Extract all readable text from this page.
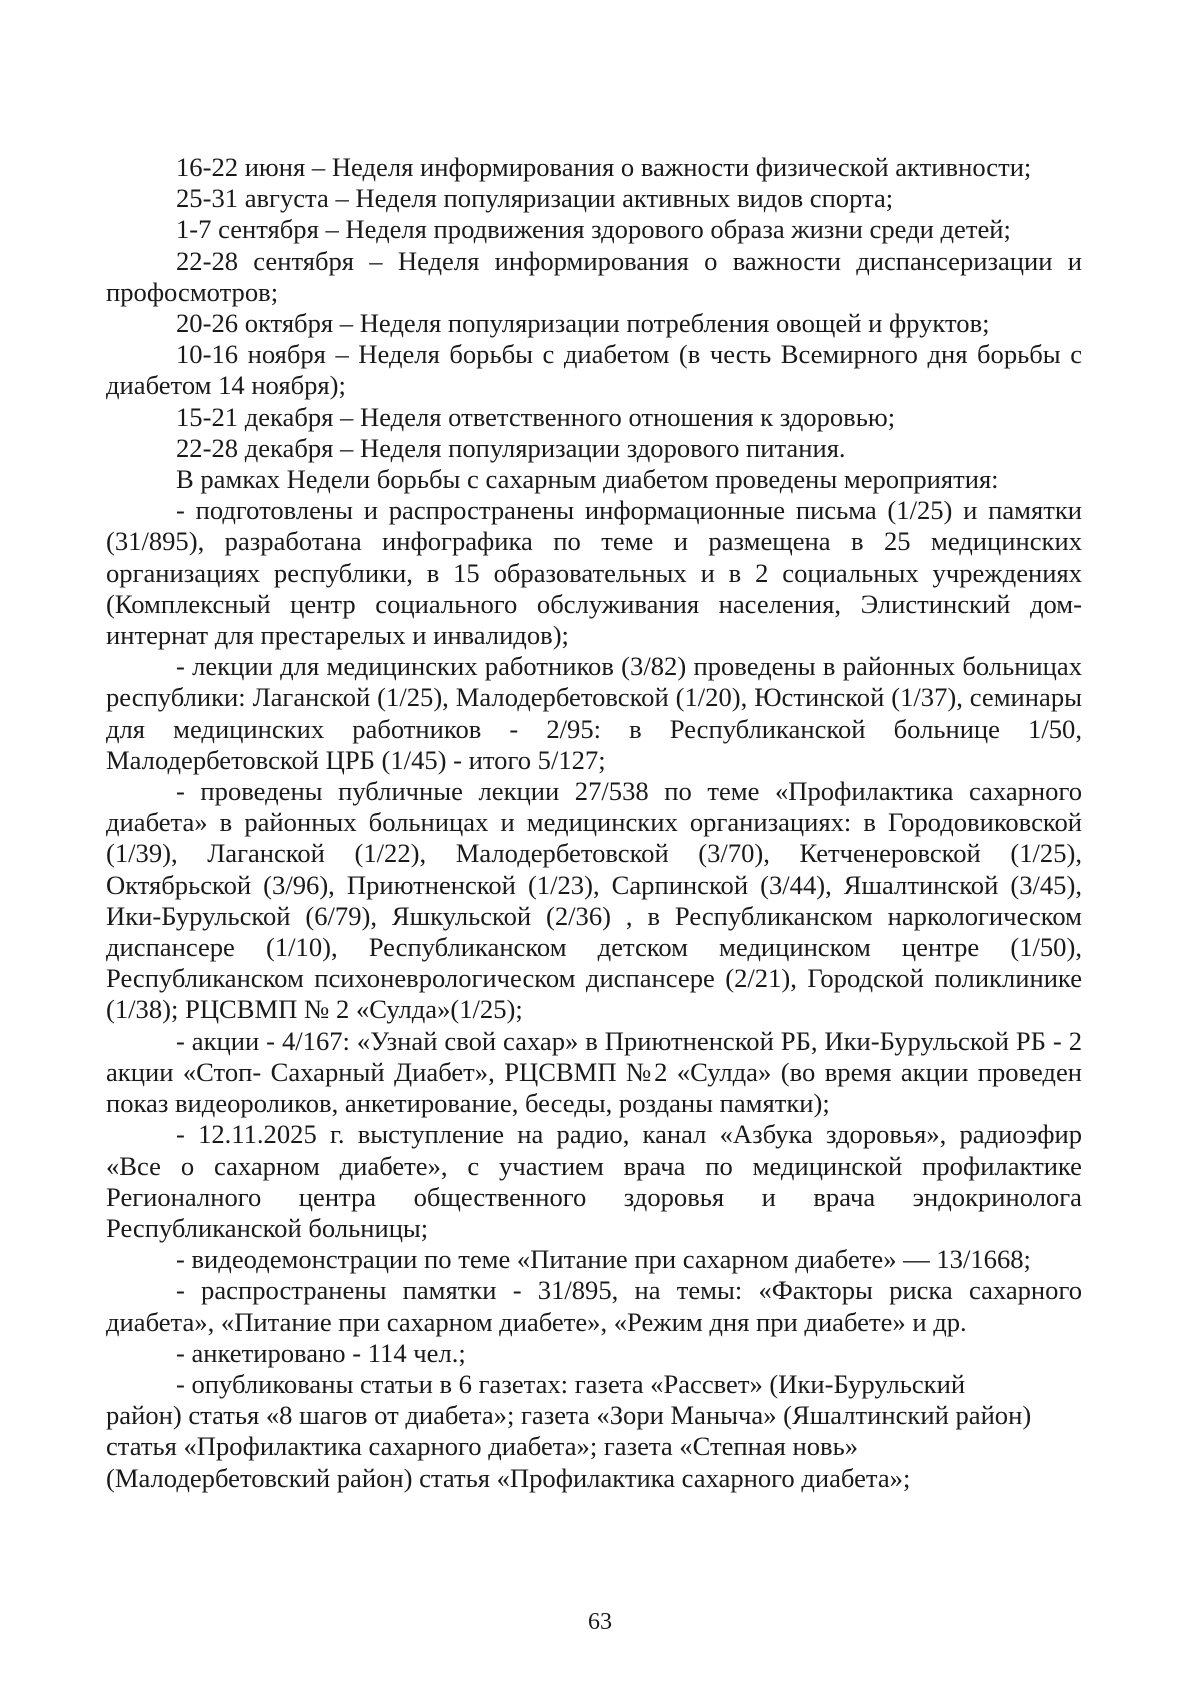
16-22 июня – Неделя информирования о важности физической активности;

25-31 августа – Неделя популяризации активных видов спорта;

1-7 сентября – Неделя продвижения здорового образа жизни среди детей;

22-28 сентября – Неделя информирования о важности диспансеризации и профосмотров;

20-26 октября – Неделя популяризации потребления овощей и фруктов;

10-16 ноября – Неделя борьбы с диабетом (в честь Всемирного дня борьбы с диабетом 14 ноября);

15-21 декабря – Неделя ответственного отношения к здоровью;

22-28 декабря – Неделя популяризации здорового питания.

В рамках Недели борьбы с сахарным диабетом проведены мероприятия:

- подготовлены и распространены информационные письма (1/25) и памятки (31/895), разработана инфографика по теме и размещена в 25 медицинских организациях республики, в 15 образовательных и в 2 социальных учреждениях (Комплексный центр социального обслуживания населения, Элистинский дом- интернат для престарелых и инвалидов);

- лекции для медицинских работников (3/82) проведены в районных больницах республики: Лаганской (1/25), Малодербетовской (1/20), Юстинской (1/37), семинары для медицинских работников - 2/95: в Республиканской больнице 1/50, Малодербетовской ЦРБ (1/45) - итого 5/127;

- проведены публичные лекции 27/538 по теме «Профилактика сахарного диабета» в районных больницах и медицинских организациях: в Городовиковской (1/39), Лаганской (1/22), Малодербетовской (3/70), Кетченеровской (1/25), Октябрьской (3/96), Приютненской (1/23), Сарпинской (3/44), Яшалтинской (3/45), Ики-Бурульской (6/79), Яшкульской (2/36) , в Республиканском наркологическом диспансере (1/10), Республиканском детском медицинском центре (1/50), Республиканском психоневрологическом диспансере (2/21), Городской поликлинике (1/38); РЦСВМП № 2 «Сулда»(1/25);

- акции - 4/167: «Узнай свой сахар» в Приютненской РБ, Ики-Бурульской РБ - 2 акции «Стоп- Сахарный Диабет», РЦСВМП №2 «Сулда» (во время акции проведен показ видеороликов, анкетирование, беседы, розданы памятки);

- 12.11.2025 г. выступление на радио, канал «Азбука здоровья», радиоэфир «Все о сахарном диабете», с участием врача по медицинской профилактике Регионалного центра общественного здоровья и врача эндокринолога Республиканской больницы;

- видеодемонстрации по теме «Питание при сахарном диабете» — 13/1668;

- распространены памятки - 31/895, на темы: «Факторы риска сахарного диабета», «Питание при сахарном диабете», «Режим дня при диабете» и др.

- анкетировано - 114 чел.;

- опубликованы статьи в 6 газетах: газета «Рассвет» (Ики-Бурульский

район) статья «8 шагов от диабета»; газета «Зори Маныча» (Яшалтинский район)

статья «Профилактика сахарного диабета»; газета «Степная новь»

(Малодербетовский район) статья «Профилактика сахарного диабета»;

63
